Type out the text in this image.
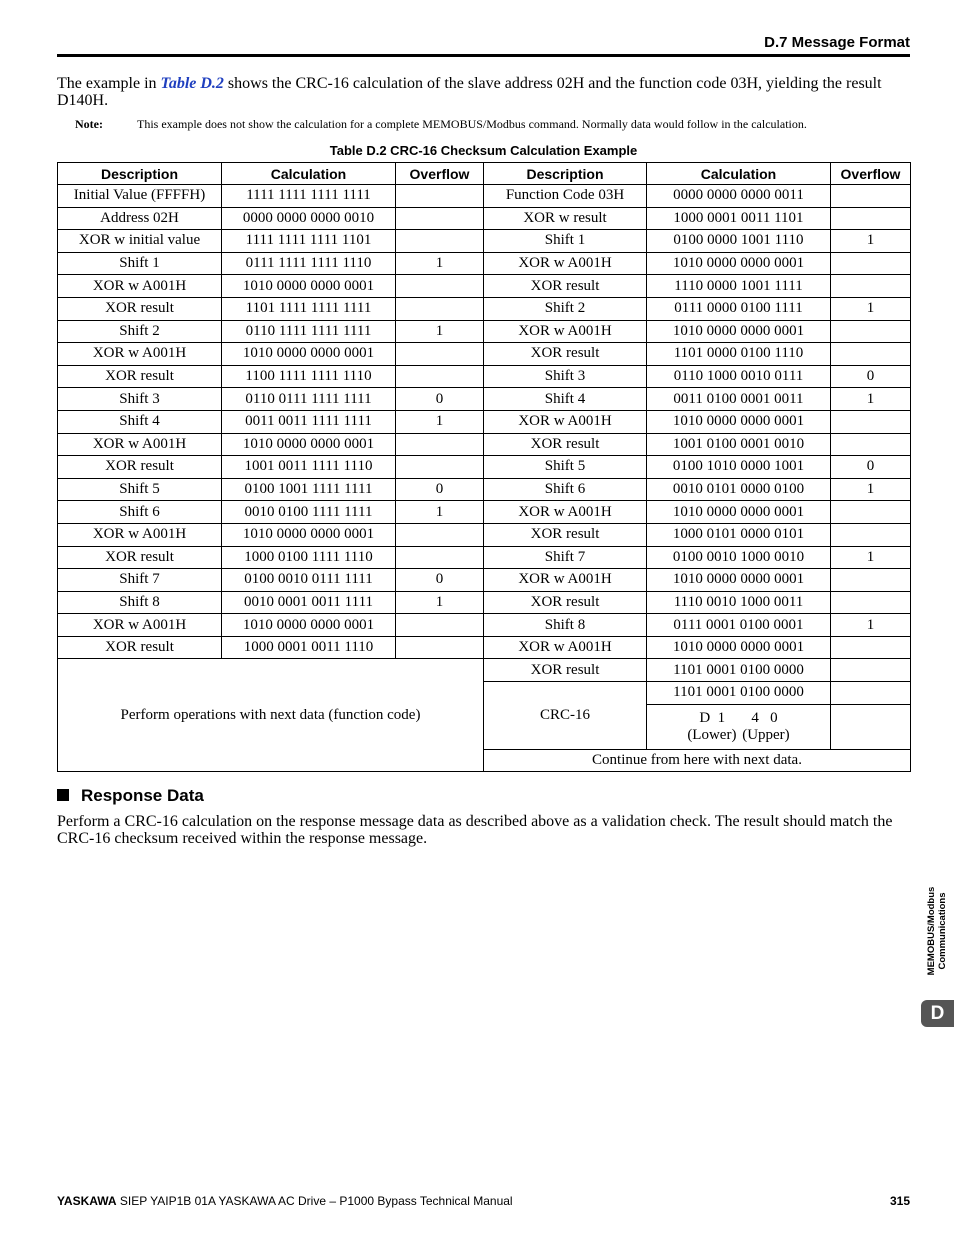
D.7 Message Format

The example in Table D.2 shows the CRC-16 calculation of the slave address 02H and the function code 03H, yielding the result D140H.

Note:	This example does not show the calculation for a complete MEMOBUS/Modbus command. Normally data would follow in the calculation.
Table D.2 CRC-16 Checksum Calculation Example
Description	Calculation	Overflow	Description	Calculation	Overflow
Initial Value (FFFFH)	1111 1111 1111 1111		Function Code 03H	0000 0000 0000 0011	
Address 02H	0000 0000 0000 0010		XOR w result	1000 0001 0011 1101	
XOR w initial value	1111 1111 1111 1101		Shift 1	0100 0000 1001 1110	1
Shift 1	0111 1111 1111 1110	1	XOR w A001H	1010 0000 0000 0001	
XOR w A001H	1010 0000 0000 0001		XOR result	1110 0000 1001 1111	
XOR result	1101 1111 1111 1111		Shift 2	0111 0000 0100 1111	1
Shift 2	0110 1111 1111 1111	1	XOR w A001H	1010 0000 0000 0001	
XOR w A001H	1010 0000 0000 0001		XOR result	1101 0000 0100 1110	
XOR result	1100 1111 1111 1110		Shift 3	0110 1000 0010 0111	0
Shift 3	0110 0111 1111 1111	0	Shift 4	0011 0100 0001 0011	1
Shift 4	0011 0011 1111 1111	1	XOR w A001H	1010 0000 0000 0001	
XOR w A001H	1010 0000 0000 0001		XOR result	1001 0100 0001 0010	
XOR result	1001 0011 1111 1110		Shift 5	0100 1010 0000 1001	0
Shift 5	0100 1001 1111 1111	0	Shift 6	0010 0101 0000 0100	1
Shift 6	0010 0100 1111 1111	1	XOR w A001H	1010 0000 0000 0001	
XOR w A001H	1010 0000 0000 0001		XOR result	1000 0101 0000 0101	
XOR result	1000 0100 1111 1110		Shift 7	0100 0010 1000 0010	1
Shift 7	0100 0010 0111 1111	0	XOR w A001H	1010 0000 0000 0001	
Shift 8	0010 0001 0011 1111	1	XOR result	1110 0010 1000 0011	
XOR w A001H	1010 0000 0000 0001		Shift 8	0111 0001 0100 0001	1
XOR result	1000 0001 0011 1110		XOR w A001H	1010 0000 0000 0001	
Perform operations with next data (function code)			XOR result	1101 0001 0100 0000	
			CRC-16	1101 0001 0100 0000	

				D  1       4   0
(Lower) (Upper)	

			Continue from here with next data.		
Response Data

Perform a CRC-16 calculation on the response message data as described above as a validation check. The result should match the CRC-16 checksum received within the response message.

MEMOBUS/Modbus Communications
D
YASKAWA SIEP YAIP1B 01A YASKAWA AC Drive – P1000 Bypass Technical Manual	315
